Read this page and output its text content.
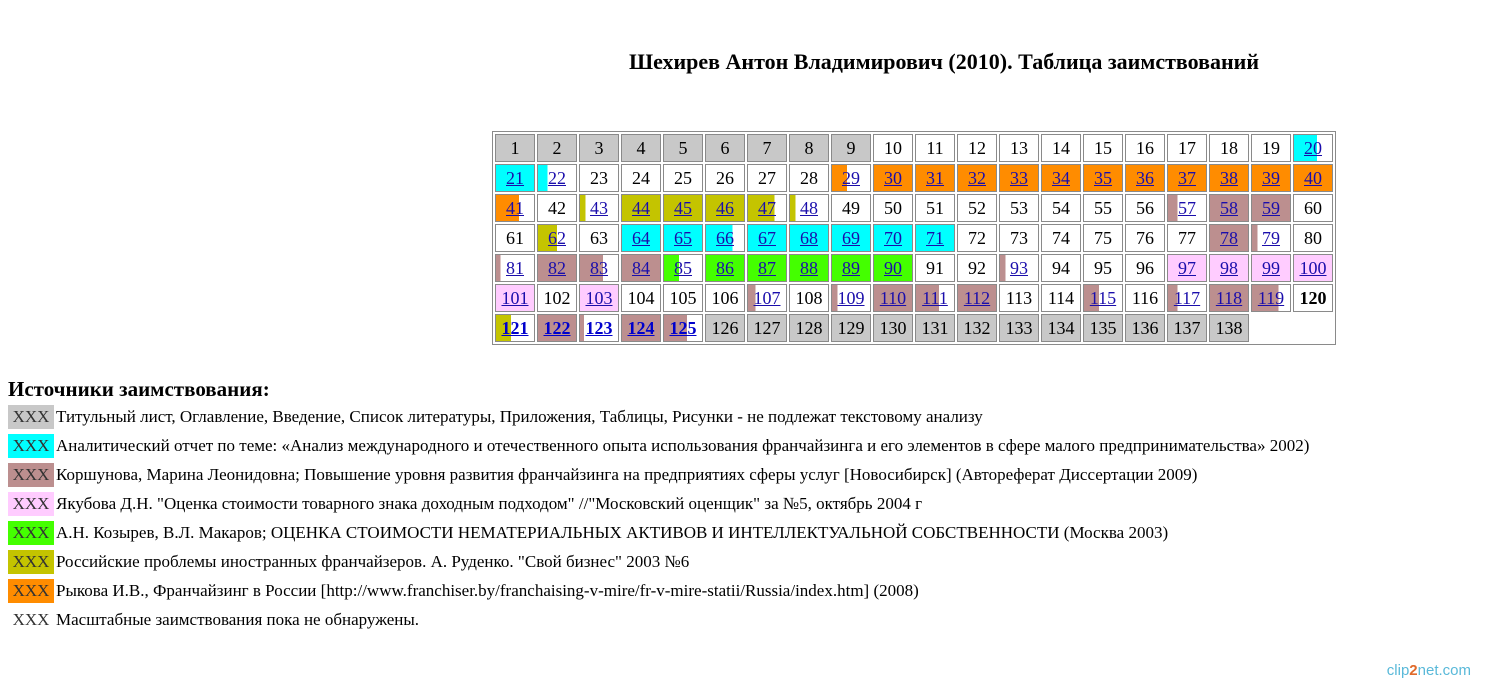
Шехирев Антон Владимирович (2010). Таблица заимствований
1	2	3	4	5	6	7	8	9	10	11	12	13	14	15	16	17	18	19	20
21	22	23	24	25	26	27	28	29	30	31	32	33	34	35	36	37	38	39	40
41	42	43	44	45	46	47	48	49	50	51	52	53	54	55	56	57	58	59	60
61	62	63	64	65	66	67	68	69	70	71	72	73	74	75	76	77	78	79	80
81	82	83	84	85	86	87	88	89	90	91	92	93	94	95	96	97	98	99	100
101	102	103	104	105	106	107	108	109	110	111	112	113	114	115	116	117	118	119	120
121	122	123	124	125	126	127	128	129	130	131	132	133	134	135	136	137	138		
Источники заимствования:
XXX Титульный лист, Оглавление, Введение, Список литературы, Приложения, Таблицы, Рисунки - не подлежат текстовому анализу
XXX Аналитический отчет по теме: «Анализ международного и отечественного опыта использования франчайзинга и его элементов в сфере малого предпринимательства» 2002)
XXX Коршунова, Марина Леонидовна; Повышение уровня развития франчайзинга на предприятиях сферы услуг [Новосибирск] (Автореферат Диссертации 2009)
XXX Якубова Д.Н. "Оценка стоимости товарного знака доходным подходом" //"Московский оценщик" за №5, октябрь 2004 г
XXX А.Н. Козырев, В.Л. Макаров; ОЦЕНКА СТОИМОСТИ НЕМАТЕРИАЛЬНЫХ АКТИВОВ И ИНТЕЛЛЕКТУАЛЬНОЙ СОБСТВЕННОСТИ (Москва 2003)
XXX Российские проблемы иностранных франчайзеров. А. Руденко. "Свой бизнес" 2003 №6
XXX Рыкова И.В., Франчайзинг в России [http://www.franchiser.by/franchaising-v-mire/fr-v-mire-statii/Russia/index.htm] (2008)
XXX Масштабные заимствования пока не обнаружены.
clip2net.com
